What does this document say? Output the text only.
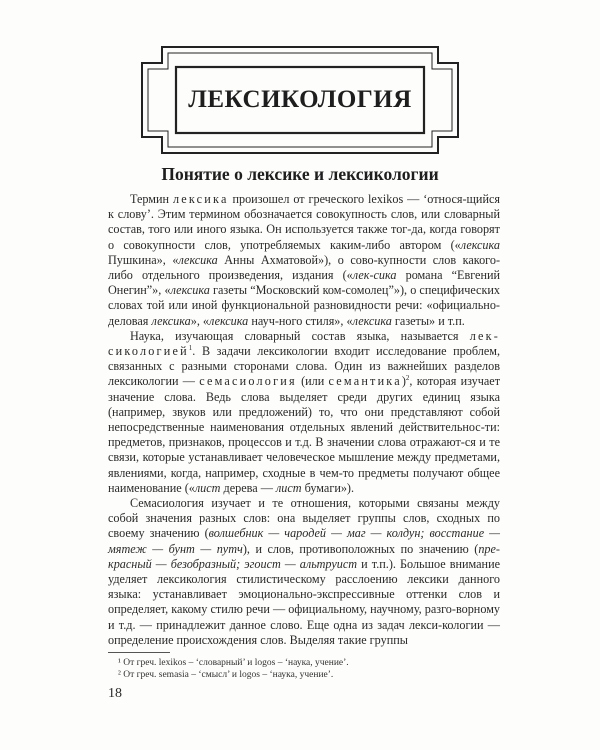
ЛЕКСИКОЛОГИЯ
Понятие о лексике и лексикологии

Термин лексика произошел от греческого lexikos — ‘относя-щийся к слову’. Этим термином обозначается совокупность слов, или словарный состав, того или иного языка. Он используется также тог-да, когда говорят о совокупности слов, употребляемых каким-либо автором («лексика Пушкина», «лексика Анны Ахматовой»), о сово-купности слов какого-либо отдельного произведения, издания («лек-сика романа “Евгений Онегин”», «лексика газеты “Московский ком-сомолец”»), о специфических словах той или иной функциональной разновидности речи: «официально-деловая лексика», «лексика науч-ного стиля», «лексика газеты» и т.п.

Наука, изучающая словарный состав языка, называется лек-сикологией$^1$. В задачи лексикологии входит исследование проблем, связанных с разными сторонами слова. Один из важнейших разделов лексикологии — семасиология (или семантика)$^2$, которая изучает значение слова. Ведь слова выделяет среди других единиц языка (например, звуков или предложений) то, что они представляют собой непосредственные наименования отдельных явлений действительнос-ти: предметов, признаков, процессов и т.д. В значении слова отражают-ся и те связи, которые устанавливает человеческое мышление между предметами, явлениями, когда, например, сходные в чем-то предметы получают общее наименование («лист дерева — лист бумаги»).

Семасиология изучает и те отношения, которыми связаны между собой значения разных слов: она выделяет группы слов, сходных по своему значению (волшебник — чародей — маг — колдун; восстание — мятеж — бунт — путч), и слов, противоположных по значению (пре-красный — безобразный; эгоист — альтруист и т.п.). Большое внимание уделяет лексикология стилистическому расслоению лексики данного языка: устанавливает эмоционально-экспрессивные оттенки слов и определяет, какому стилю речи — официальному, научному, разго-ворному и т.д. — принадлежит данное слово. Еще одна из задач лекси-кологии — определение происхождения слов. Выделяя такие группы

¹ От греч. lexikos – ‘словарный’ и logos – ‘наука, учение’.
² От греч. semasia – ‘смысл’ и logos – ‘наука, учение’.
18
